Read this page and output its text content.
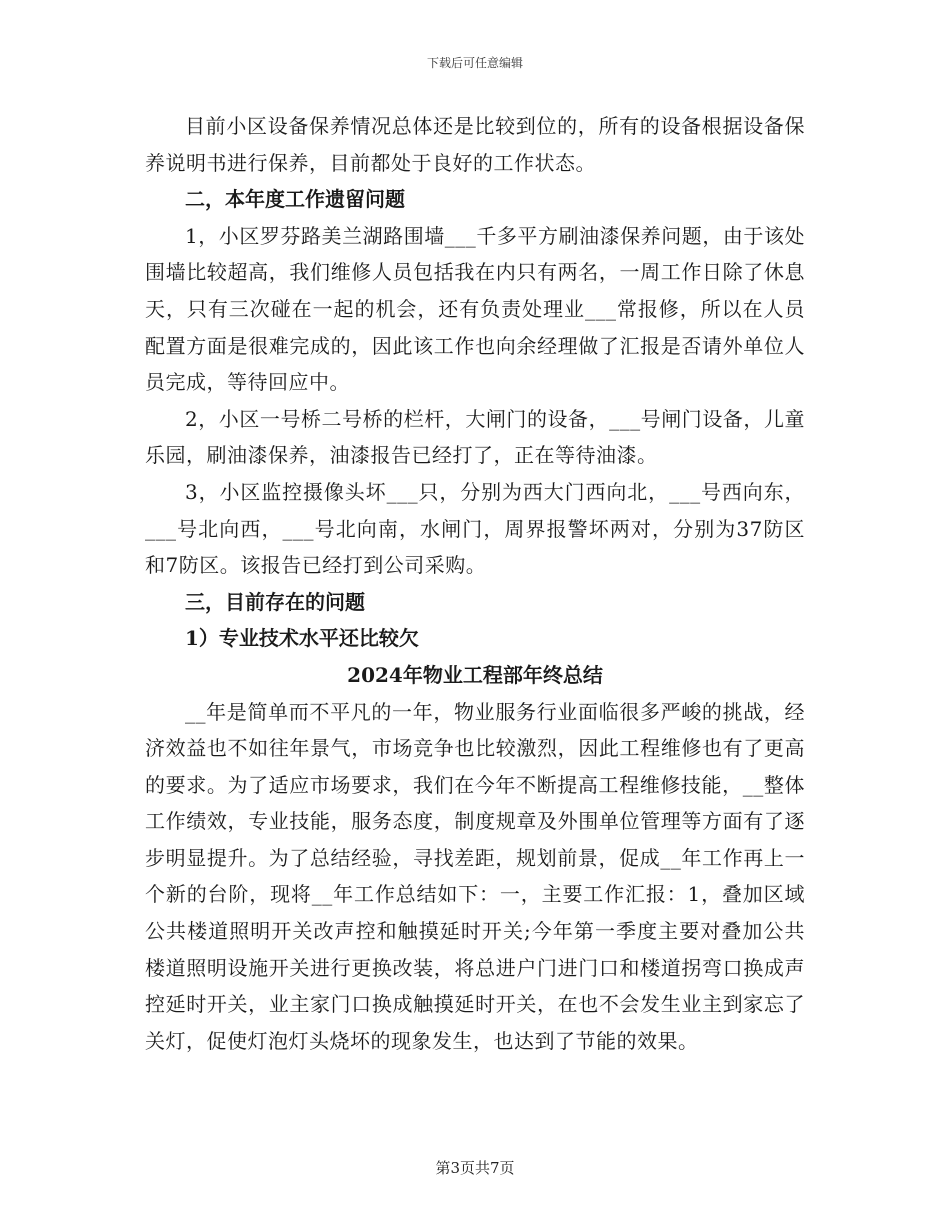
下载后可任意编辑

目前小区设备保养情况总体还是比较到位的，所有的设备根据设备保养说明书进行保养，目前都处于良好的工作状态。

二，本年度工作遗留问题

1，小区罗芬路美兰湖路围墙___千多平方刷油漆保养问题，由于该处围墙比较超高，我们维修人员包括我在内只有两名，一周工作日除了休息天，只有三次碰在一起的机会，还有负责处理业___常报修，所以在人员配置方面是很难完成的，因此该工作也向余经理做了汇报是否请外单位人员完成，等待回应中。

2，小区一号桥二号桥的栏杆，大闸门的设备，___号闸门设备，儿童乐园，刷油漆保养，油漆报告已经打了，正在等待油漆。

3，小区监控摄像头坏___只，分别为西大门西向北，___号西向东，___号北向西，___号北向南，水闸门，周界报警坏两对，分别为37防区和7防区。该报告已经打到公司采购。

三，目前存在的问题

1）专业技术水平还比较欠

2024年物业工程部年终总结

__年是简单而不平凡的一年，物业服务行业面临很多严峻的挑战，经济效益也不如往年景气，市场竞争也比较激烈，因此工程维修也有了更高的要求。为了适应市场要求，我们在今年不断提高工程维修技能，__整体工作绩效，专业技能，服务态度，制度规章及外围单位管理等方面有了逐步明显提升。为了总结经验，寻找差距，规划前景，促成__年工作再上一个新的台阶，现将__年工作总结如下：一，主要工作汇报：1，叠加区域公共楼道照明开关改声控和触摸延时开关;今年第一季度主要对叠加公共楼道照明设施开关进行更换改装，将总进户门进门口和楼道拐弯口换成声控延时开关，业主家门口换成触摸延时开关，在也不会发生业主到家忘了关灯，促使灯泡灯头烧坏的现象发生，也达到了节能的效果。

第3页共7页
